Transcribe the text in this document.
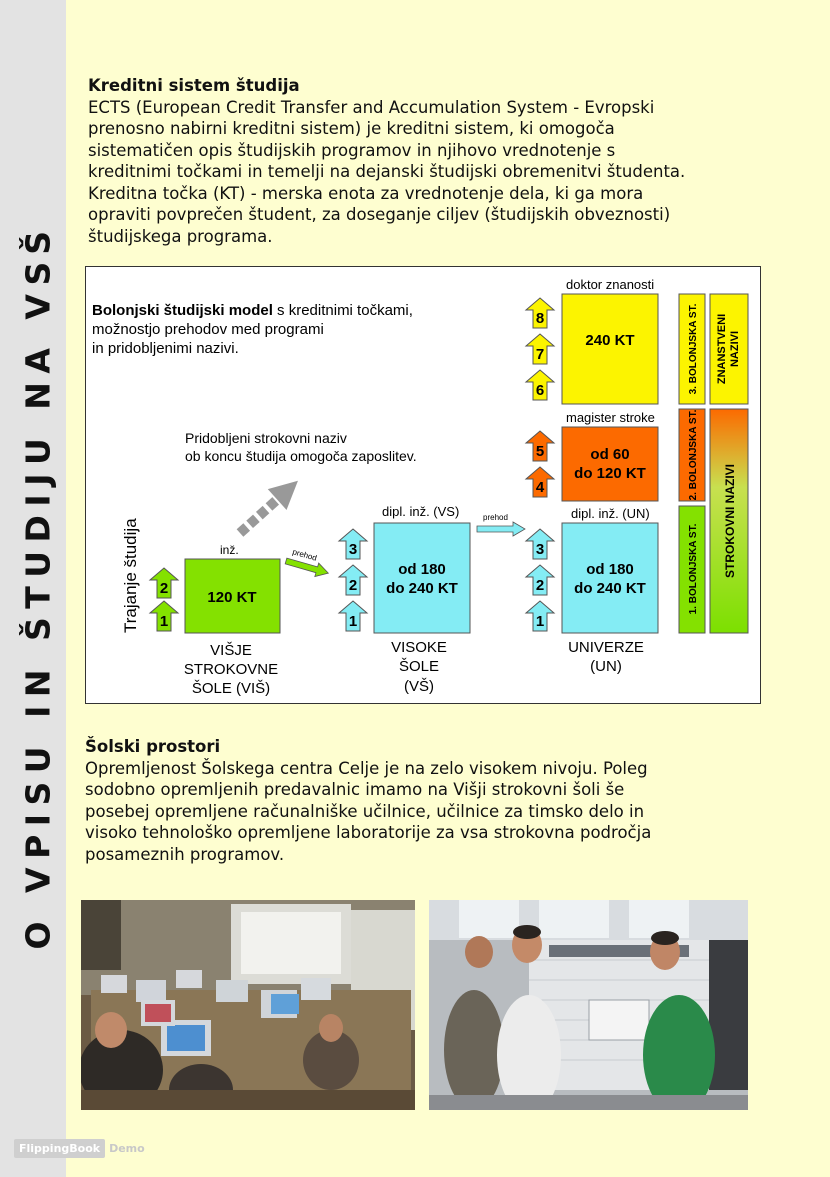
O VPISU IN ŠTUDIJU NA VSŠ
Kreditni sistem študija

ECTS (European Credit Transfer and Accumulation System - Evropski

prenosno nabirni kreditni sistem) je kreditni sistem, ki omogoča

sistematičen opis študijskih programov in njihovo vrednotenje s

kreditnimi točkami in temelji na dejanski študijski obremenitvi študenta.

Kreditna točka (KT) - merska enota za vrednotenje dela, ki ga mora

opraviti povprečen študent, za doseganje ciljev (študijskih obveznosti)

študijskega programa.

Bolonjski študijski model s kreditnimi točkami,
možnostjo prehodov med programi
in pridobljenimi nazivi.
Pridobljeni strokovni naziv
ob koncu študija omogoča zaposlitev.
Trajanje študija	inž.
120 KT
2
1
VIŠJE
STROKOVNE
ŠOLE (VIŠ)
prehod
dipl. inž. (VS)
od 180
do 240 KT
3
2
1
VISOKE
ŠOLE
(VŠ)
prehod	dipl. inž. (UN)
od 180
do 240 KT
3
2
1
UNIVERZE
(UN)
magister stroke
od 60
do 120 KT
5
4
doktor znanosti
240 KT
8
7
6	3. BOLONJSKA ST.
2. BOLONJSKA ST.
1. BOLONJSKA ST.
ZNANSTVENI NAZIVI
STROKOVNI NAZIVI
Šolski prostori

Opremljenost Šolskega centra Celje je na zelo visokem nivoju. Poleg

sodobno opremljenih predavalnic imamo na Višji strokovni šoli še

posebej opremljene računalniške učilnice, učilnice za timsko delo in

visoko tehnološko opremljene laboratorije za vsa strokovna področja

posameznih programov.

FlippingBook Demo
